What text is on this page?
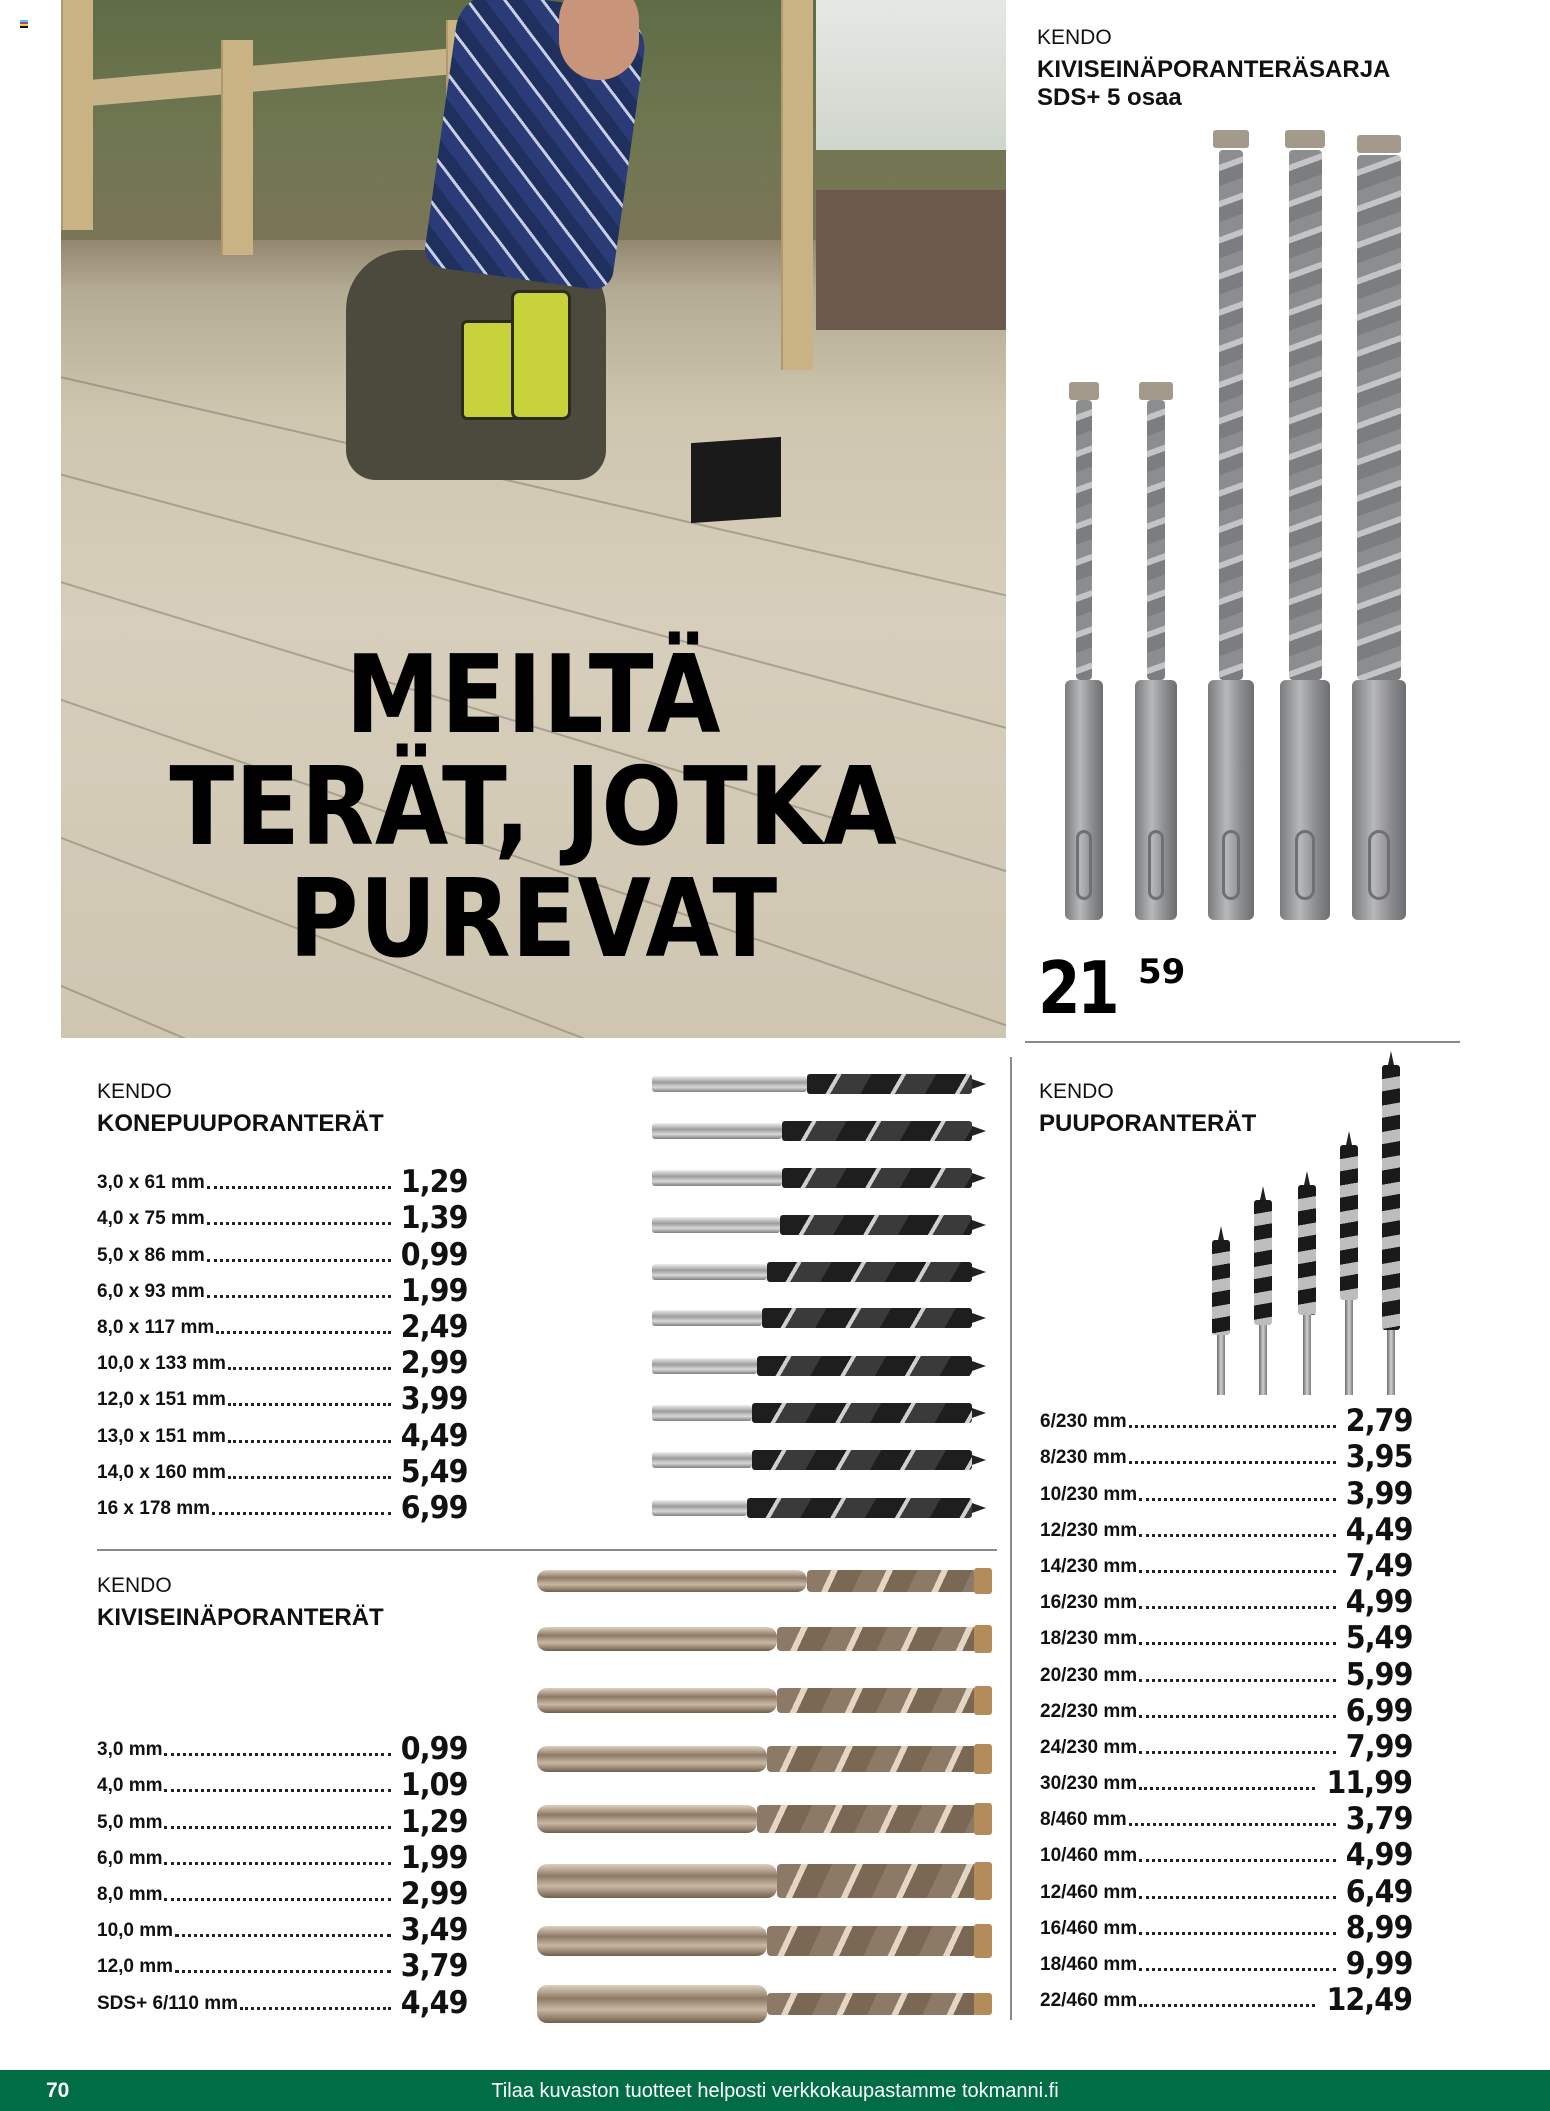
MEILTÄ
TERÄT, JOTKA
PUREVAT
KENDO
KIVISEINÄPORANTERÄSARJA
SDS+ 5 osaa
21 59
KENDO
KONEPUUPORANTERÄT
3,0 x 61 mm	1,29
4,0 x 75 mm	1,39
5,0 x 86 mm	0,99
6,0 x 93 mm	1,99
8,0 x 117 mm	2,49
10,0 x 133 mm	2,99
12,0 x 151 mm	3,99
13,0 x 151 mm	4,49
14,0 x 160 mm	5,49
16 x 178 mm	6,99
KENDO
KIVISEINÄPORANTERÄT
3,0 mm	0,99
4,0 mm	1,09
5,0 mm	1,29
6,0 mm	1,99
8,0 mm	2,99
10,0 mm	3,49
12,0 mm	3,79
SDS+ 6/110 mm	4,49
KENDO
PUUPORANTERÄT
6/230 mm	2,79
8/230 mm	3,95
10/230 mm	3,99
12/230 mm	4,49
14/230 mm	7,49
16/230 mm	4,99
18/230 mm	5,49
20/230 mm	5,99
22/230 mm	6,99
24/230 mm	7,99
30/230 mm	11,99
8/460 mm	3,79
10/460 mm	4,99
12/460 mm	6,49
16/460 mm	8,99
18/460 mm	9,99
22/460 mm	12,49
70	Tilaa kuvaston tuotteet helposti verkkokaupastamme tokmanni.fi
